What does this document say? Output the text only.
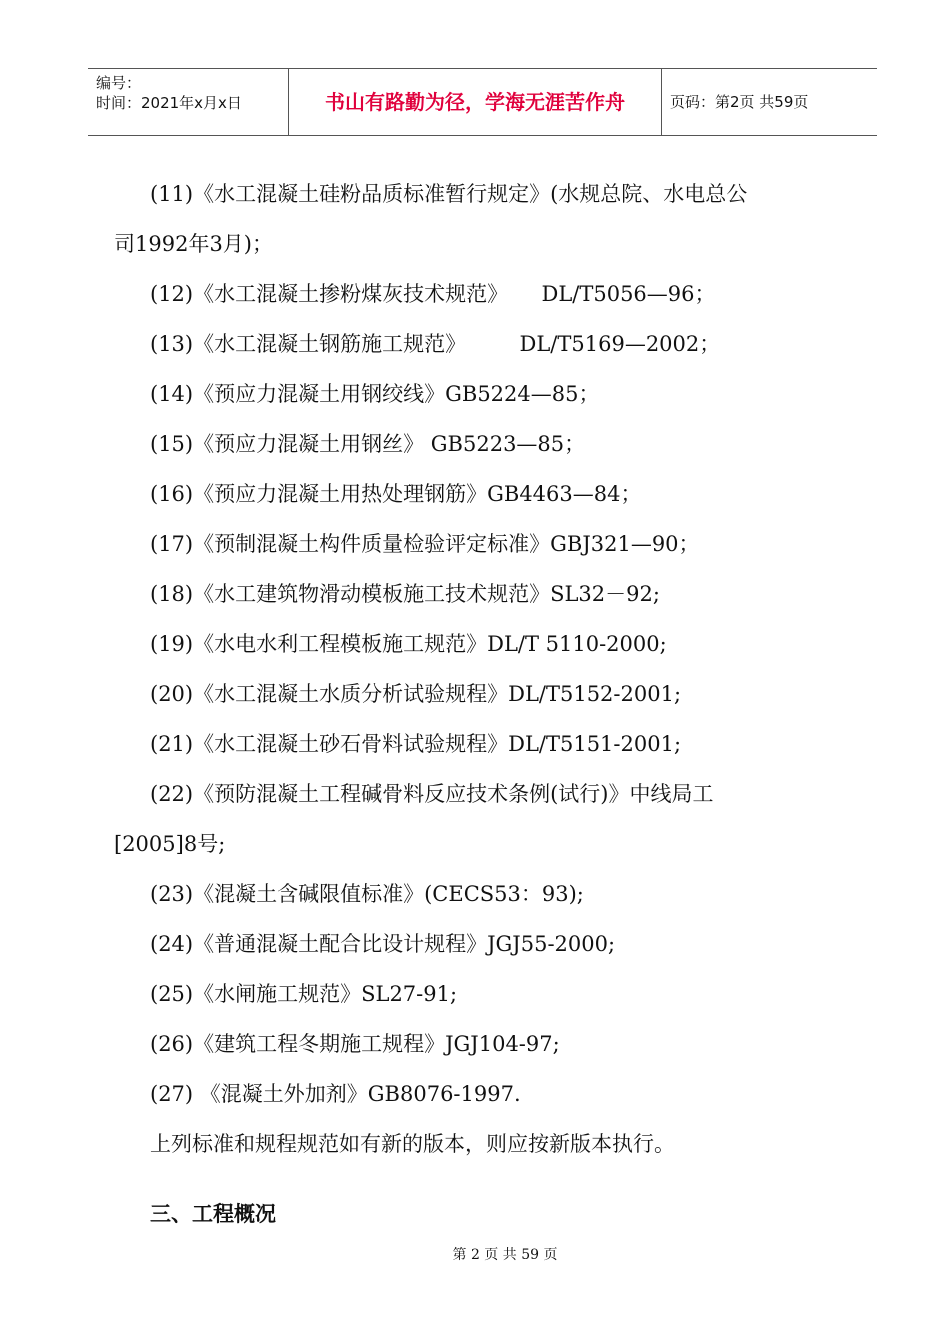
编号：
时间：2021年x月x日	书山有路勤为径，学海无涯苦作舟	页码：第2页 共59页
(11)《水工混凝土硅粉品质标准暂行规定》(水规总院、水电总公
司1992年3月)；
(12)《水工混凝土掺粉煤灰技术规范》     DL/T5056—96；
(13)《水工混凝土钢筋施工规范》        DL/T5169—2002；
(14)《预应力混凝土用钢绞线》GB5224—85；
(15)《预应力混凝土用钢丝》 GB5223—85；
(16)《预应力混凝土用热处理钢筋》GB4463—84；
(17)《预制混凝土构件质量检验评定标准》GBJ321—90；
(18)《水工建筑物滑动模板施工技术规范》SL32－92;
(19)《水电水利工程模板施工规范》DL/T 5110-2000;
(20)《水工混凝土水质分析试验规程》DL/T5152-2001;
(21)《水工混凝土砂石骨料试验规程》DL/T5151-2001;
(22)《预防混凝土工程碱骨料反应技术条例(试行)》中线局工
[2005]8号;
(23)《混凝土含碱限值标准》(CECS53：93);
(24)《普通混凝土配合比设计规程》JGJ55-2000;
(25)《水闸施工规范》SL27-91;
(26)《建筑工程冬期施工规程》JGJ104-97;
(27) 《混凝土外加剂》GB8076-1997.
上列标准和规程规范如有新的版本，则应按新版本执行。
三、工程概况
第 2 页 共 59 页
